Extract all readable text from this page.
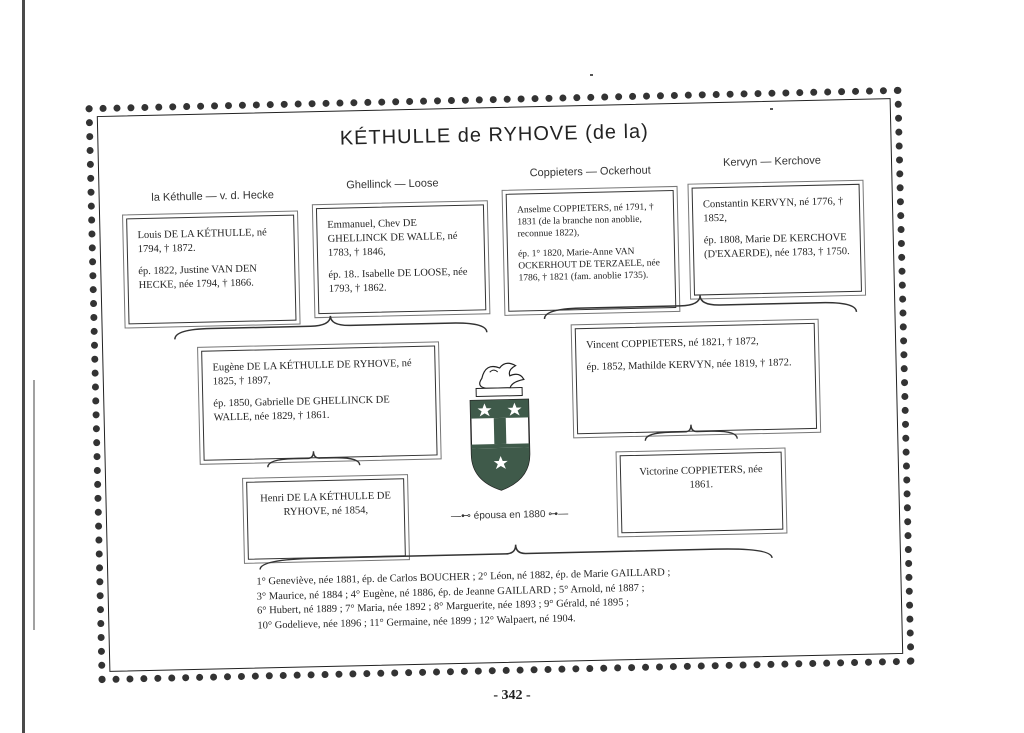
KÉTHULLE de RYHOVE (de la)
la Kéthulle — v. d. Hecke
Ghellinck — Loose
Coppieters — Ockerhout
Kervyn — Kerchove

Louis DE LA KÉTHULLE, né 1794, † 1872.

ép. 1822, Justine VAN DEN HECKE, née 1794, † 1866.

Emmanuel, Chev DE GHELLINCK DE WALLE, né 1783, † 1846,

ép. 18.. Isabelle DE LOOSE, née 1793, † 1862.

Anselme COPPIETERS, né 1791, † 1831 (de la branche non anoblie, reconnue 1822),

ép. 1° 1820, Marie-Anne VAN OCKERHOUT DE TERZAELE, née 1786, † 1821 (fam. anoblie 1735).

Constantin KERVYN, né 1776, † 1852,

ép. 1808, Marie DE KERCHOVE (D'EXAERDE), née 1783, † 1750.

Eugène DE LA KÉTHULLE DE RYHOVE, né 1825, † 1897,

ép. 1850, Gabrielle DE GHELLINCK DE WALLE, née 1829, † 1861.

Vincent COPPIETERS, né 1821, † 1872,

ép. 1852, Mathilde KERVYN, née 1819, † 1872.

Henri DE LA KÉTHULLE DE RYHOVE, né 1854,

Victorine COPPIETERS, née 1861.

—⊷ épousa en 1880 ⊶—
1° Geneviève, née 1881, ép. de Carlos BOUCHER ; 2° Léon, né 1882, ép. de Marie GAILLARD ;
3° Maurice, né 1884 ; 4° Eugène, né 1886, ép. de Jeanne GAILLARD ; 5° Arnold, né 1887 ;
6° Hubert, né 1889 ; 7° Maria, née 1892 ; 8° Marguerite, née 1893 ; 9° Gérald, né 1895 ;
10° Godelieve, née 1896 ; 11° Germaine, née 1899 ; 12° Walpaert, né 1904.
- 342 -
